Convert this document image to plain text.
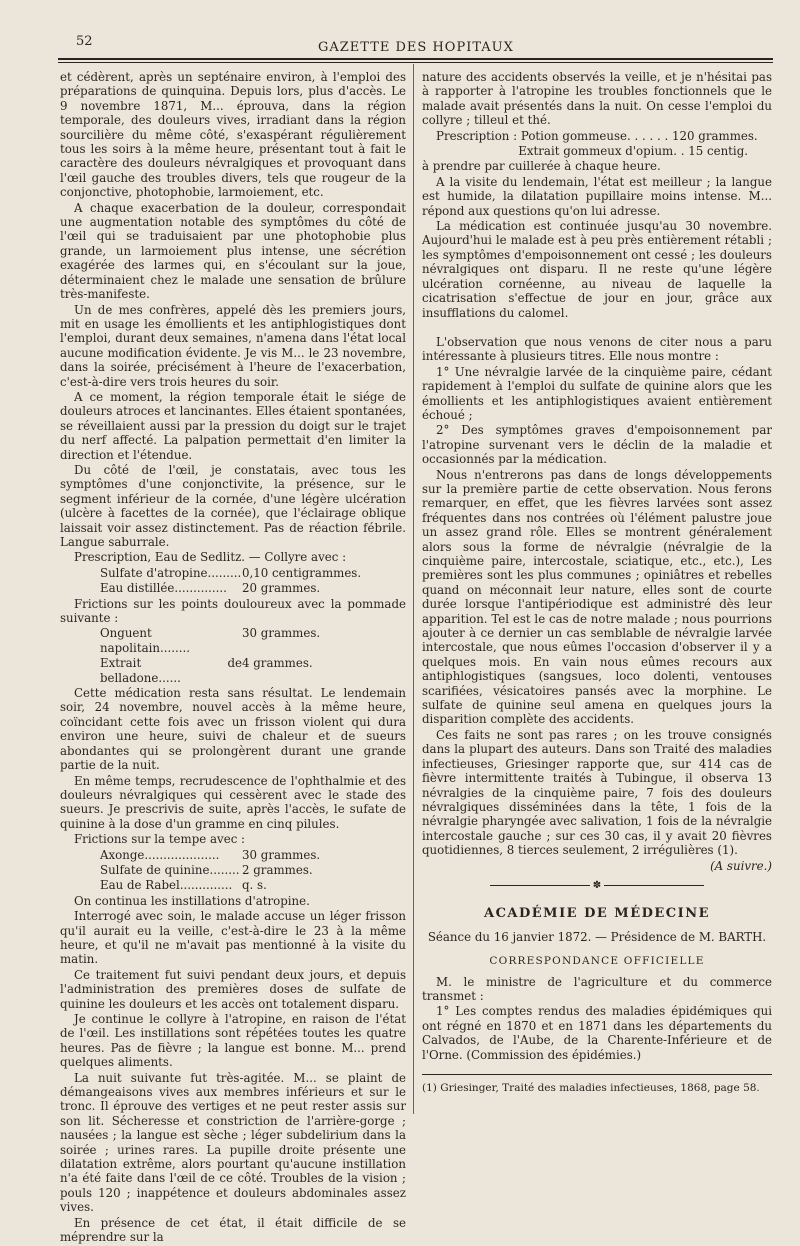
52	GAZETTE DES HOPITAUX

et cédèrent, après un septénaire environ, à l'emploi des préparations de quinquina. Depuis lors, plus d'accès. Le 9 novembre 1871, M... éprouva, dans la région temporale, des douleurs vives, irradiant dans la région sourcilière du même côté, s'exaspérant régulièrement tous les soirs à la même heure, présentant tout à fait le caractère des douleurs névralgiques et provoquant dans l'œil gauche des troubles divers, tels que rougeur de la conjonctive, photophobie, larmoiement, etc.

A chaque exacerbation de la douleur, correspondait une augmentation notable des symptômes du côté de l'œil qui se traduisaient par une photophobie plus grande, un larmoiement plus intense, une sécrétion exagérée des larmes qui, en s'écoulant sur la joue, déterminaient chez le malade une sensation de brûlure très-manifeste.

Un de mes confrères, appelé dès les premiers jours, mit en usage les émollients et les antiphlogistiques dont l'emploi, durant deux semaines, n'amena dans l'état local aucune modification évidente. Je vis M... le 23 novembre, dans la soirée, précisément à l'heure de l'exacerbation, c'est-à-dire vers trois heures du soir.

A ce moment, la région temporale était le siége de douleurs atroces et lancinantes. Elles étaient spontanées, se réveillaient aussi par la pression du doigt sur le trajet du nerf affecté. La palpation permettait d'en limiter la direction et l'étendue.

Du côté de l'œil, je constatais, avec tous les symptômes d'une conjonctivite, la présence, sur le segment inférieur de la cornée, d'une légère ulcération (ulcère à facettes de la cornée), que l'éclairage oblique laissait voir assez distinctement. Pas de réaction fébrile. Langue saburrale.

Prescription, Eau de Sedlitz. — Collyre avec :

Sulfate d'atropine......... 0,10 centigrammes.
Eau distillée.............. 20 grammes.

Frictions sur les points douloureux avec la pommade suivante :

Onguent napolitain........
30 grammes.
Extrait de belladone......
4 grammes.

Cette médication resta sans résultat. Le lendemain soir, 24 novembre, nouvel accès à la même heure, coïncidant cette fois avec un frisson violent qui dura environ une heure, suivi de chaleur et de sueurs abondantes qui se prolongèrent durant une grande partie de la nuit.

En même temps, recrudescence de l'ophthalmie et des douleurs névralgiques qui cessèrent avec le stade des sueurs. Je prescrivis de suite, après l'accès, le sufate de quinine à la dose d'un gramme en cinq pilules.

Frictions sur la tempe avec :

Axonge.................... 30 grammes.
Sulfate de quinine........ 2 grammes.
Eau de Rabel.............. q. s.

On continua les instillations d'atropine.

Interrogé avec soin, le malade accuse un léger frisson qu'il aurait eu la veille, c'est-à-dire le 23 à la même heure, et qu'il ne m'avait pas mentionné à la visite du matin.

Ce traitement fut suivi pendant deux jours, et depuis l'administration des premières doses de sulfate de quinine les douleurs et les accès ont totalement disparu.

Je continue le collyre à l'atropine, en raison de l'état de l'œil. Les instillations sont répétées toutes les quatre heures. Pas de fièvre ; la langue est bonne. M... prend quelques aliments.

La nuit suivante fut très-agitée. M... se plaint de démangeaisons vives aux membres inférieurs et sur le tronc. Il éprouve des vertiges et ne peut rester assis sur son lit. Sécheresse et constriction de l'arrière-gorge ; nausées ; la langue est sèche ; léger subdelirium dans la soirée ; urines rares. La pupille droite présente une dilatation extrême, alors pourtant qu'aucune instillation n'a été faite dans l'œil de ce côté. Troubles de la vision ; pouls 120 ; inappétence et douleurs abdominales assez vives.

En présence de cet état, il était difficile de se méprendre sur la

nature des accidents observés la veille, et je n'hésitai pas à rapporter à l'atropine les troubles fonctionnels que le malade avait présentés dans la nuit. On cesse l'emploi du collyre ; tilleul et thé.

Prescription : Potion gommeuse. . . . . . 120 grammes.

Extrait gommeux d'opium. . 15 centig.

à prendre par cuillerée à chaque heure.

A la visite du lendemain, l'état est meilleur ; la langue est humide, la dilatation pupillaire moins intense. M... répond aux questions qu'on lui adresse.

La médication est continuée jusqu'au 30 novembre. Aujourd'hui le malade est à peu près entièrement rétabli ; les symptômes d'empoisonnement ont cessé ; les douleurs névralgiques ont disparu. Il ne reste qu'une légère ulcération cornéenne, au niveau de laquelle la cicatrisation s'effectue de jour en jour, grâce aux insufflations du calomel.

L'observation que nous venons de citer nous a paru intéressante à plusieurs titres. Elle nous montre :

1° Une névralgie larvée de la cinquième paire, cédant rapidement à l'emploi du sulfate de quinine alors que les émollients et les antiphlogistiques avaient entièrement échoué ;

2° Des symptômes graves d'empoisonnement par l'atropine survenant vers le déclin de la maladie et occasionnés par la médication.

Nous n'entrerons pas dans de longs développements sur la première partie de cette observation. Nous ferons remarquer, en effet, que les fièvres larvées sont assez fréquentes dans nos contrées où l'élément palustre joue un assez grand rôle. Elles se montrent généralement alors sous la forme de névralgie (névralgie de la cinquième paire, intercostale, sciatique, etc., etc.), Les premières sont les plus communes ; opiniâtres et rebelles quand on méconnait leur nature, elles sont de courte durée lorsque l'antipériodique est administré dès leur apparition. Tel est le cas de notre malade ; nous pourrions ajouter à ce dernier un cas semblable de névralgie larvée intercostale, que nous eûmes l'occasion d'observer il y a quelques mois. En vain nous eûmes recours aux antiphlogistiques (sangsues, loco dolenti, ventouses scarifiées, vésicatoires pansés avec la morphine. Le sulfate de quinine seul amena en quelques jours la disparition complète des accidents.

Ces faits ne sont pas rares ; on les trouve consignés dans la plupart des auteurs. Dans son Traité des maladies infectieuses, Griesinger rapporte que, sur 414 cas de fièvre intermittente traités à Tubingue, il observa 13 névralgies de la cinquième paire, 7 fois des douleurs névralgiques disséminées dans la tête, 1 fois de la névralgie pharyngée avec salivation, 1 fois de la névralgie intercostale gauche ; sur ces 30 cas, il y avait 20 fièvres quotidiennes, 8 tierces seulement, 2 irrégulières (1).

(A suivre.)

✽
ACADÉMIE DE MÉDECINE

Séance du 16 janvier 1872. — Présidence de M. BARTH.

CORRESPONDANCE OFFICIELLE

M. le ministre de l'agriculture et du commerce transmet :

1° Les comptes rendus des maladies épidémiques qui ont régné en 1870 et en 1871 dans les départements du Calvados, de l'Aube, de la Charente-Inférieure et de l'Orne. (Commission des épidémies.)

(1) Griesinger, Traité des maladies infectieuses, 1868, page 58.
